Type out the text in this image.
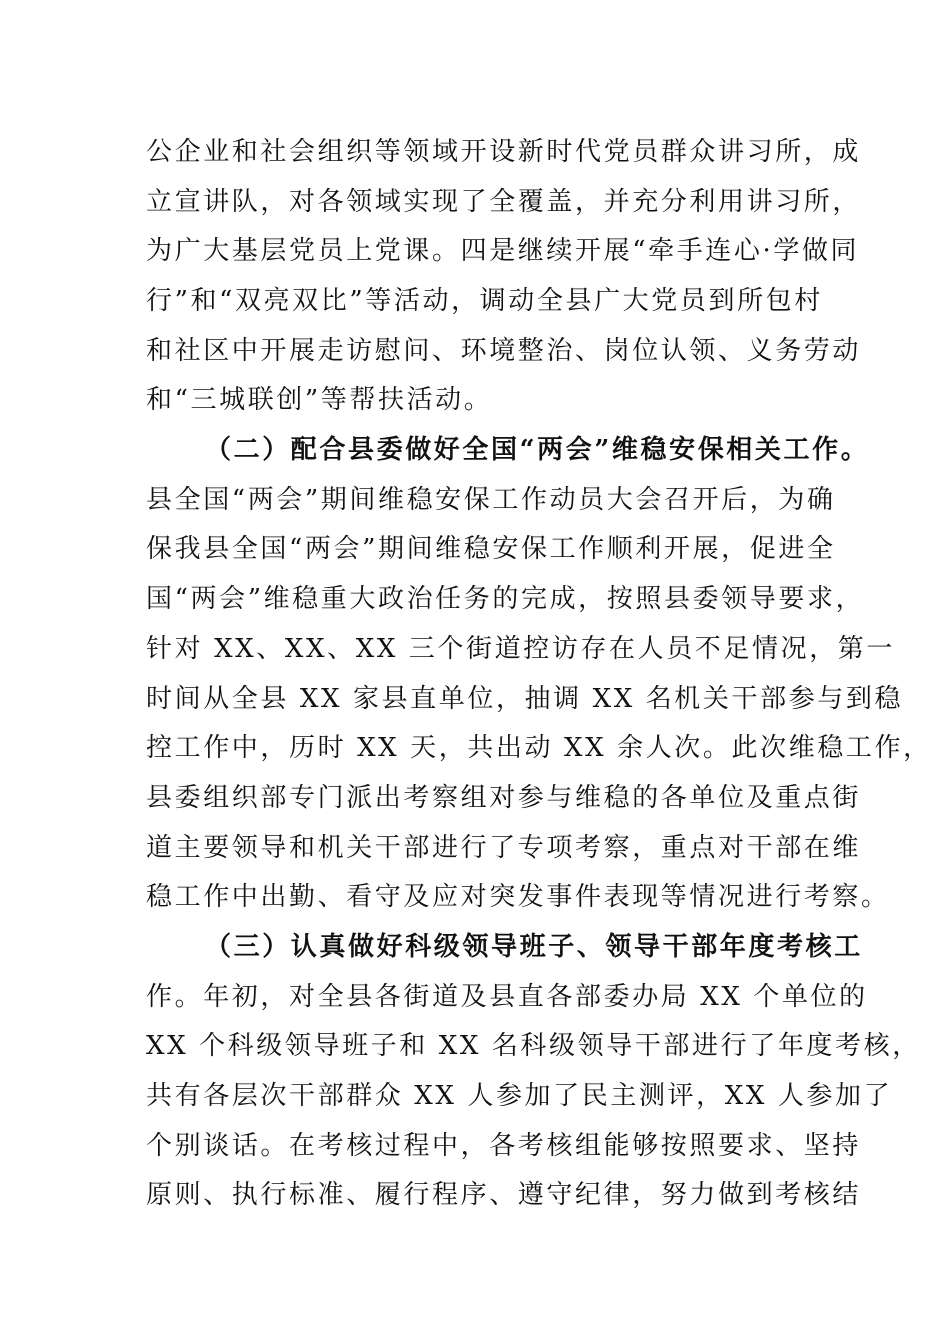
公企业和社会组织等领域开设新时代党员群众讲习所，成
立宣讲队，对各领域实现了全覆盖，并充分利用讲习所，
为广大基层党员上党课。四是继续开展“牵手连心·学做同
行”和“双亮双比”等活动，调动全县广大党员到所包村
和社区中开展走访慰问、环境整治、岗位认领、义务劳动
和“三城联创”等帮扶活动。
（二）配合县委做好全国“两会”维稳安保相关工作。
县全国“两会”期间维稳安保工作动员大会召开后，为确
保我县全国“两会”期间维稳安保工作顺利开展，促进全
国“两会”维稳重大政治任务的完成，按照县委领导要求，
针对 XX、XX、XX 三个街道控访存在人员不足情况，第一
时间从全县 XX 家县直单位，抽调 XX 名机关干部参与到稳
控工作中，历时 XX 天，共出动 XX 余人次。此次维稳工作，
县委组织部专门派出考察组对参与维稳的各单位及重点街
道主要领导和机关干部进行了专项考察，重点对干部在维
稳工作中出勤、看守及应对突发事件表现等情况进行考察。
（三）认真做好科级领导班子、领导干部年度考核工
作。年初，对全县各街道及县直各部委办局 XX 个单位的
XX 个科级领导班子和 XX 名科级领导干部进行了年度考核，
共有各层次干部群众 XX 人参加了民主测评，XX 人参加了
个别谈话。在考核过程中，各考核组能够按照要求、坚持
原则、执行标准、履行程序、遵守纪律，努力做到考核结
